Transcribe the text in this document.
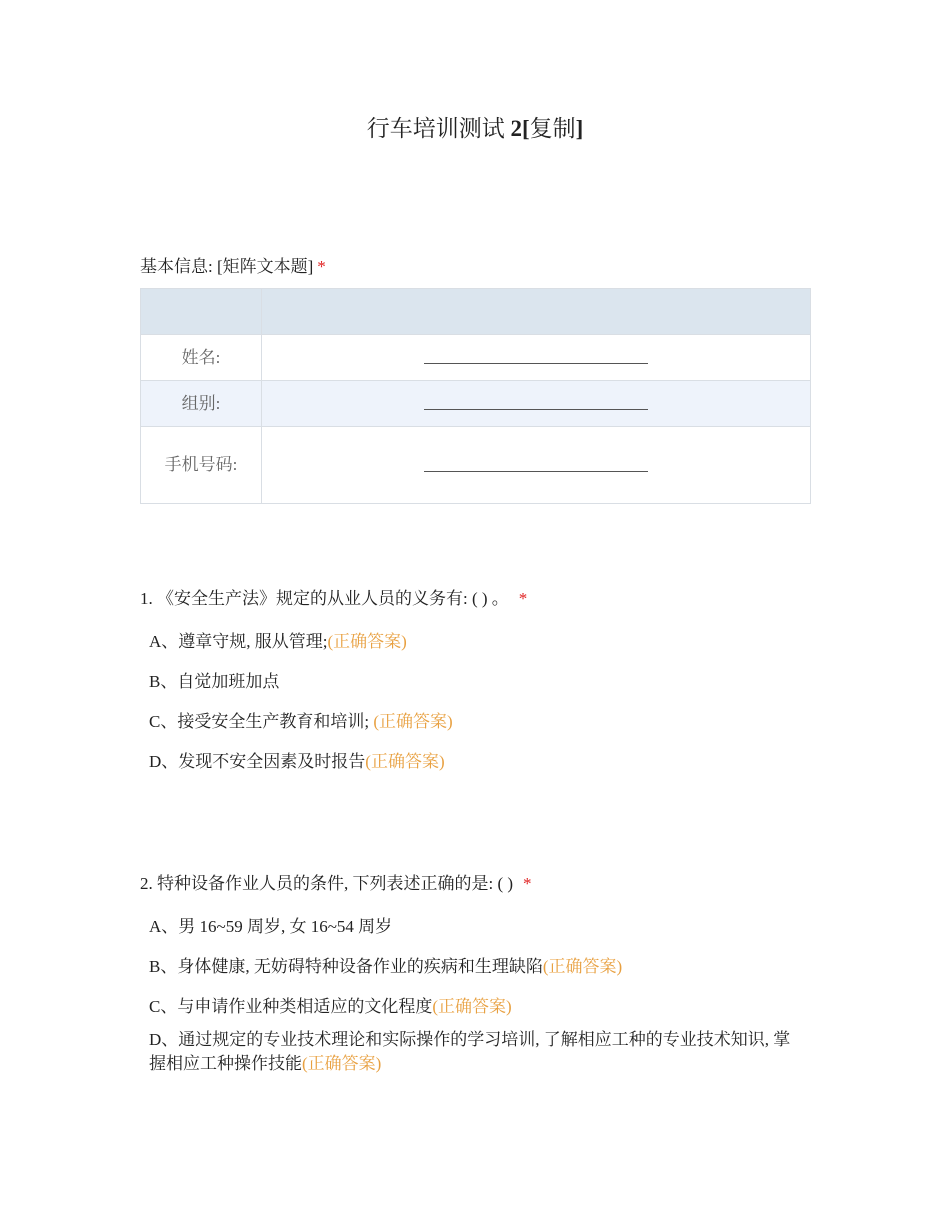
行车培训测试 2[复制]
基本信息: [矩阵文本题] *

姓名:	

组别:	

手机号码:	
1. 《安全生产法》规定的从业人员的义务有: ( ) 。 *
A、遵章守规, 服从管理;(正确答案)
B、自觉加班加点
C、接受安全生产教育和培训; (正确答案)
D、发现不安全因素及时报告(正确答案)
2. 特种设备作业人员的条件, 下列表述正确的是: ( ) *
A、男 16~59 周岁, 女 16~54 周岁
B、身体健康, 无妨碍特种设备作业的疾病和生理缺陷(正确答案)
C、与申请作业种类相适应的文化程度(正确答案)
D、通过规定的专业技术理论和实际操作的学习培训, 了解相应工种的专业技术知识, 掌握相应工种操作技能(正确答案)
